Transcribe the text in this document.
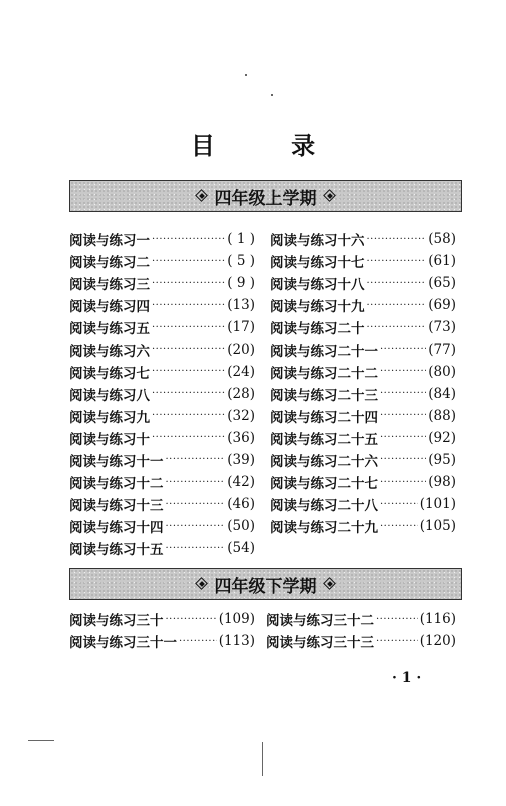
目 录
四年级上学期
阅读与练习一 ·····	( 1 )
阅读与练习二 ·····	( 5 )
阅读与练习三 ·····	( 9 )
阅读与练习四 ·····	(13)
阅读与练习五 ·····	(17)
阅读与练习六 ·····	(20)
阅读与练习七 ·····	(24)
阅读与练习八 ·····	(28)
阅读与练习九 ·····	(32)
阅读与练习十 ·····	(36)
阅读与练习十一 ·····	(39)
阅读与练习十二 ·····	(42)
阅读与练习十三 ·····	(46)
阅读与练习十四 ·····	(50)
阅读与练习十五 ·····	(54)
阅读与练习十六 ·····	(58)
阅读与练习十七 ·····	(61)
阅读与练习十八 ·····	(65)
阅读与练习十九 ·····	(69)
阅读与练习二十 ·····	(73)
阅读与练习二十一 ·····	(77)
阅读与练习二十二 ·····	(80)
阅读与练习二十三 ·····	(84)
阅读与练习二十四 ·····	(88)
阅读与练习二十五 ·····	(92)
阅读与练习二十六 ·····	(95)
阅读与练习二十七 ·····	(98)
阅读与练习二十八 ·····	(101)
阅读与练习二十九 ·····	(105)
四年级下学期
阅读与练习三十 ·····	(109)
阅读与练习三十一 ·····	(113)
阅读与练习三十二 ·····	(116)
阅读与练习三十三 ·····	(120)
· 1 ·
